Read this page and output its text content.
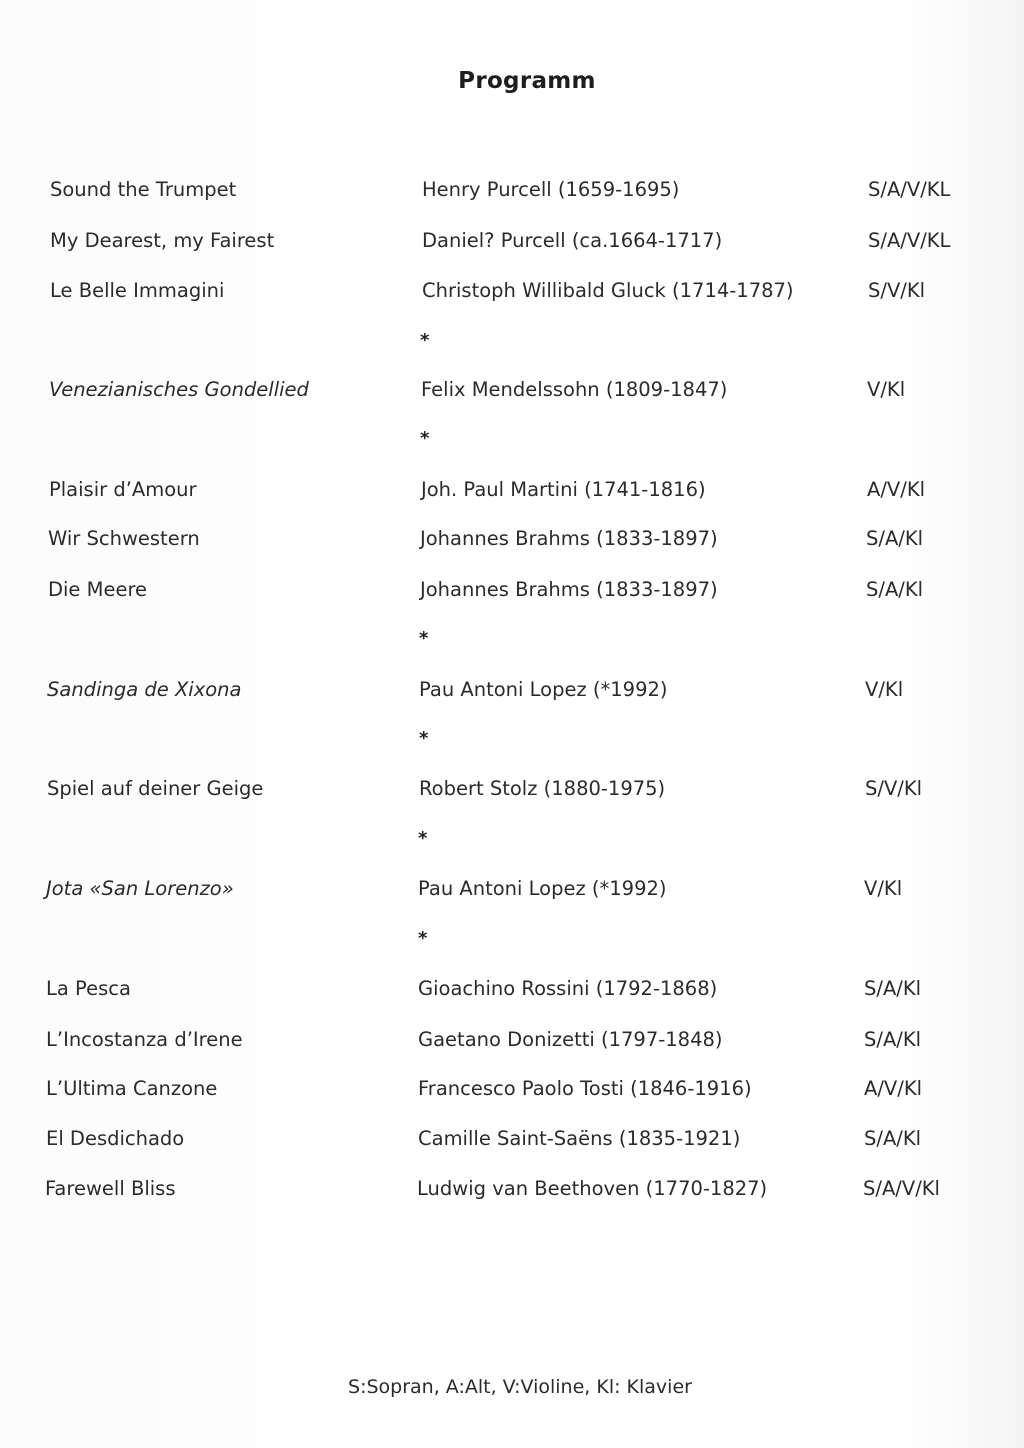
Programm
Sound the Trumpet	Henry Purcell (1659-1695)	S/A/V/KL
My Dearest, my Fairest	Daniel? Purcell (ca.1664-1717)	S/A/V/KL
Le Belle Immagini	Christoph Willibald Gluck (1714-1787)	S/V/Kl
*
Venezianisches Gondellied	Felix Mendelssohn (1809-1847)	V/Kl
*
Plaisir d’Amour	Joh. Paul Martini (1741-1816)	A/V/Kl
Wir Schwestern	Johannes Brahms (1833-1897)	S/A/Kl
Die Meere	Johannes Brahms (1833-1897)	S/A/Kl
*
Sandinga de Xixona	Pau Antoni Lopez (*1992)	V/Kl
*
Spiel auf deiner Geige	Robert Stolz (1880-1975)	S/V/Kl
*
Jota «San Lorenzo»	Pau Antoni Lopez (*1992)	V/Kl
*
La Pesca	Gioachino Rossini (1792-1868)	S/A/Kl
L’Incostanza d’Irene	Gaetano Donizetti (1797-1848)	S/A/Kl
L’Ultima Canzone	Francesco Paolo Tosti (1846-1916)	A/V/Kl
El Desdichado	Camille Saint-Saëns (1835-1921)	S/A/Kl
Farewell Bliss	Ludwig van Beethoven (1770-1827)	S/A/V/Kl
S:Sopran, A:Alt, V:Violine, Kl: Klavier
